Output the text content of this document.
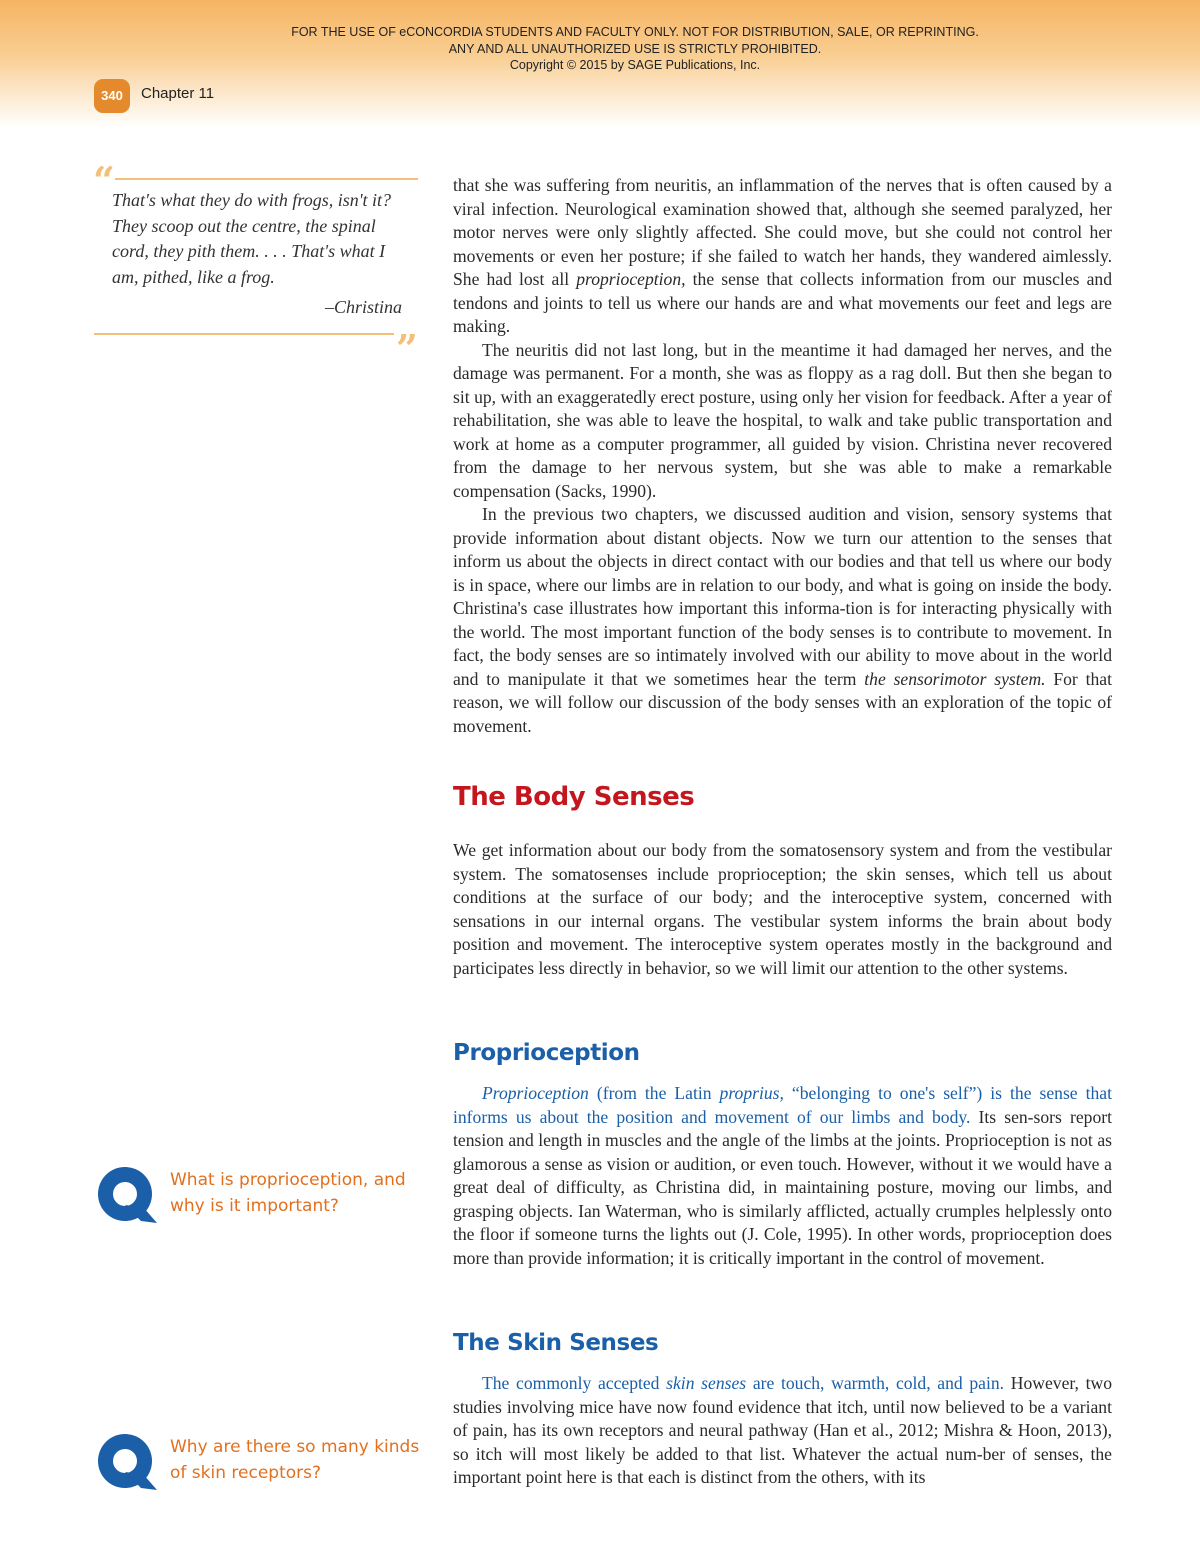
FOR THE USE OF eCONCORDIA STUDENTS AND FACULTY ONLY. NOT FOR DISTRIBUTION, SALE, OR REPRINTING.
ANY AND ALL UNAUTHORIZED USE IS STRICTLY PROHIBITED.
Copyright © 2015 by SAGE Publications, Inc.
340	Chapter 11
“
That's what they do with frogs, isn't it? They scoop out the centre, the spinal cord, they pith them. . . . That's what I am, pithed, like a frog.
–Christina
”

that she was suffering from neuritis, an inflammation of the nerves that is often caused by a viral infection. Neurological examination showed that, although she seemed paralyzed, her motor nerves were only slightly affected. She could move, but she could not control her movements or even her posture; if she failed to watch her hands, they wandered aimlessly. She had lost all proprioception, the sense that collects information from our muscles and tendons and joints to tell us where our hands are and what movements our feet and legs are making.

The neuritis did not last long, but in the meantime it had damaged her nerves, and the damage was permanent. For a month, she was as floppy as a rag doll. But then she began to sit up, with an exaggeratedly erect posture, using only her vision for feedback. After a year of rehabilitation, she was able to leave the hospital, to walk and take public transportation and work at home as a computer programmer, all guided by vision. Christina never recovered from the damage to her nervous system, but she was able to make a remarkable compensation (Sacks, 1990).

In the previous two chapters, we discussed audition and vision, sensory systems that provide information about distant objects. Now we turn our attention to the senses that inform us about the objects in direct contact with our bodies and that tell us where our body is in space, where our limbs are in relation to our body, and what is going on inside the body. Christina's case illustrates how important this informa-tion is for interacting physically with the world. The most important function of the body senses is to contribute to movement. In fact, the body senses are so intimately involved with our ability to move about in the world and to manipulate it that we sometimes hear the term the sensorimotor system. For that reason, we will follow our discussion of the body senses with an exploration of the topic of movement.

The Body Senses

We get information about our body from the somatosensory system and from the vestibular system. The somatosenses include proprioception; the skin senses, which tell us about conditions at the surface of our body; and the interoceptive system, concerned with sensations in our internal organs. The vestibular system informs the brain about body position and movement. The interoceptive system operates mostly in the background and participates less directly in behavior, so we will limit our attention to the other systems.

Proprioception

Proprioception (from the Latin proprius, “belonging to one's self”) is the sense that informs us about the position and movement of our limbs and body. Its sen-sors report tension and length in muscles and the angle of the limbs at the joints. Proprioception is not as glamorous a sense as vision or audition, or even touch. However, without it we would have a great deal of difficulty, as Christina did, in maintaining posture, moving our limbs, and grasping objects. Ian Waterman, who is similarly afflicted, actually crumples helplessly onto the floor if someone turns the lights out (J. Cole, 1995). In other words, proprioception does more than provide information; it is critically important in the control of movement.

The Skin Senses

The commonly accepted skin senses are touch, warmth, cold, and pain. However, two studies involving mice have now found evidence that itch, until now believed to be a variant of pain, has its own receptors and neural pathway (Han et al., 2012; Mishra & Hoon, 2013), so itch will most likely be added to that list. Whatever the actual num-ber of senses, the important point here is that each is distinct from the others, with its

What is proprioception, and why is it important?
Why are there so many kinds of skin receptors?
